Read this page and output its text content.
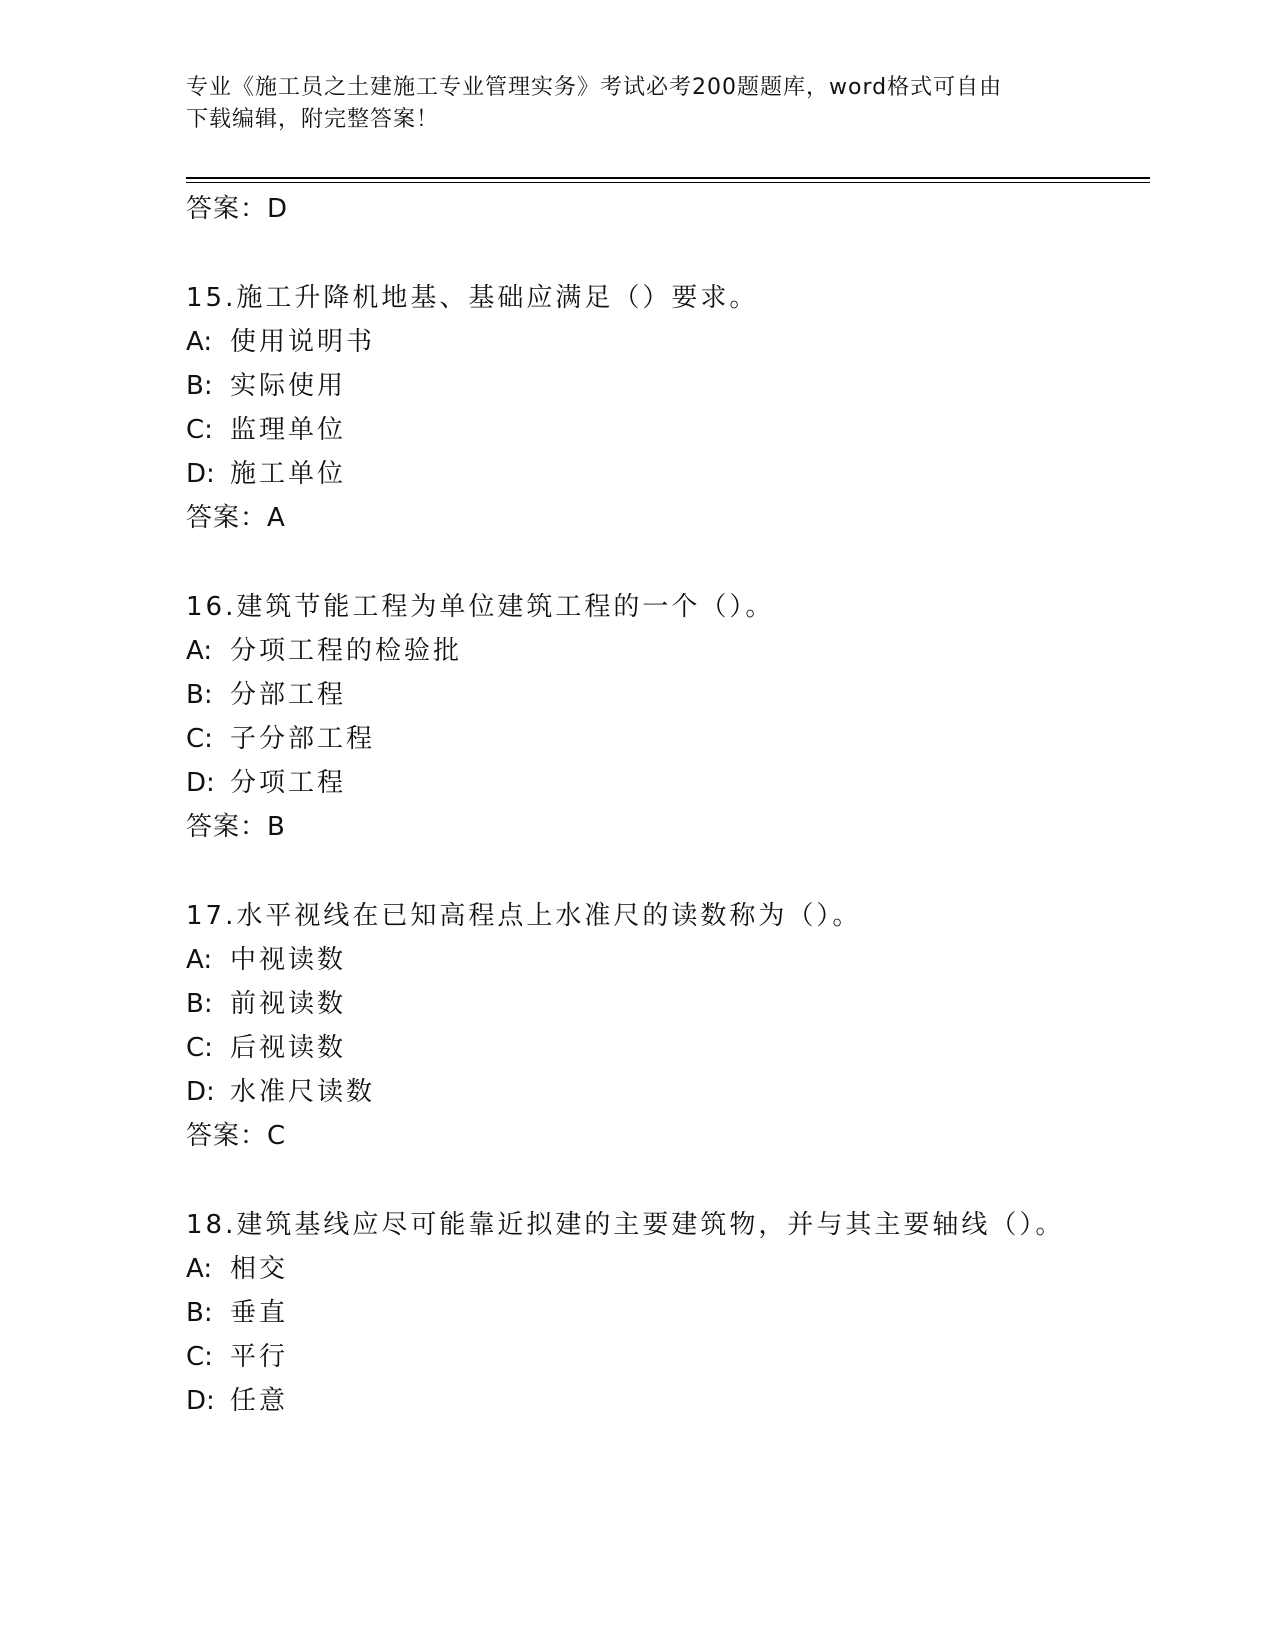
专业《施工员之土建施工专业管理实务》考试必考200题题库，word格式可自由
下载编辑，附完整答案！
答案：D
15.施工升降机地基、基础应满足（）要求。
A: 使用说明书
B: 实际使用
C: 监理单位
D: 施工单位
答案：A
16.建筑节能工程为单位建筑工程的一个（）。
A: 分项工程的检验批
B: 分部工程
C: 子分部工程
D: 分项工程
答案：B
17.水平视线在已知高程点上水准尺的读数称为（）。
A: 中视读数
B: 前视读数
C: 后视读数
D: 水准尺读数
答案：C
18.建筑基线应尽可能靠近拟建的主要建筑物，并与其主要轴线（）。
A: 相交
B: 垂直
C: 平行
D: 任意
